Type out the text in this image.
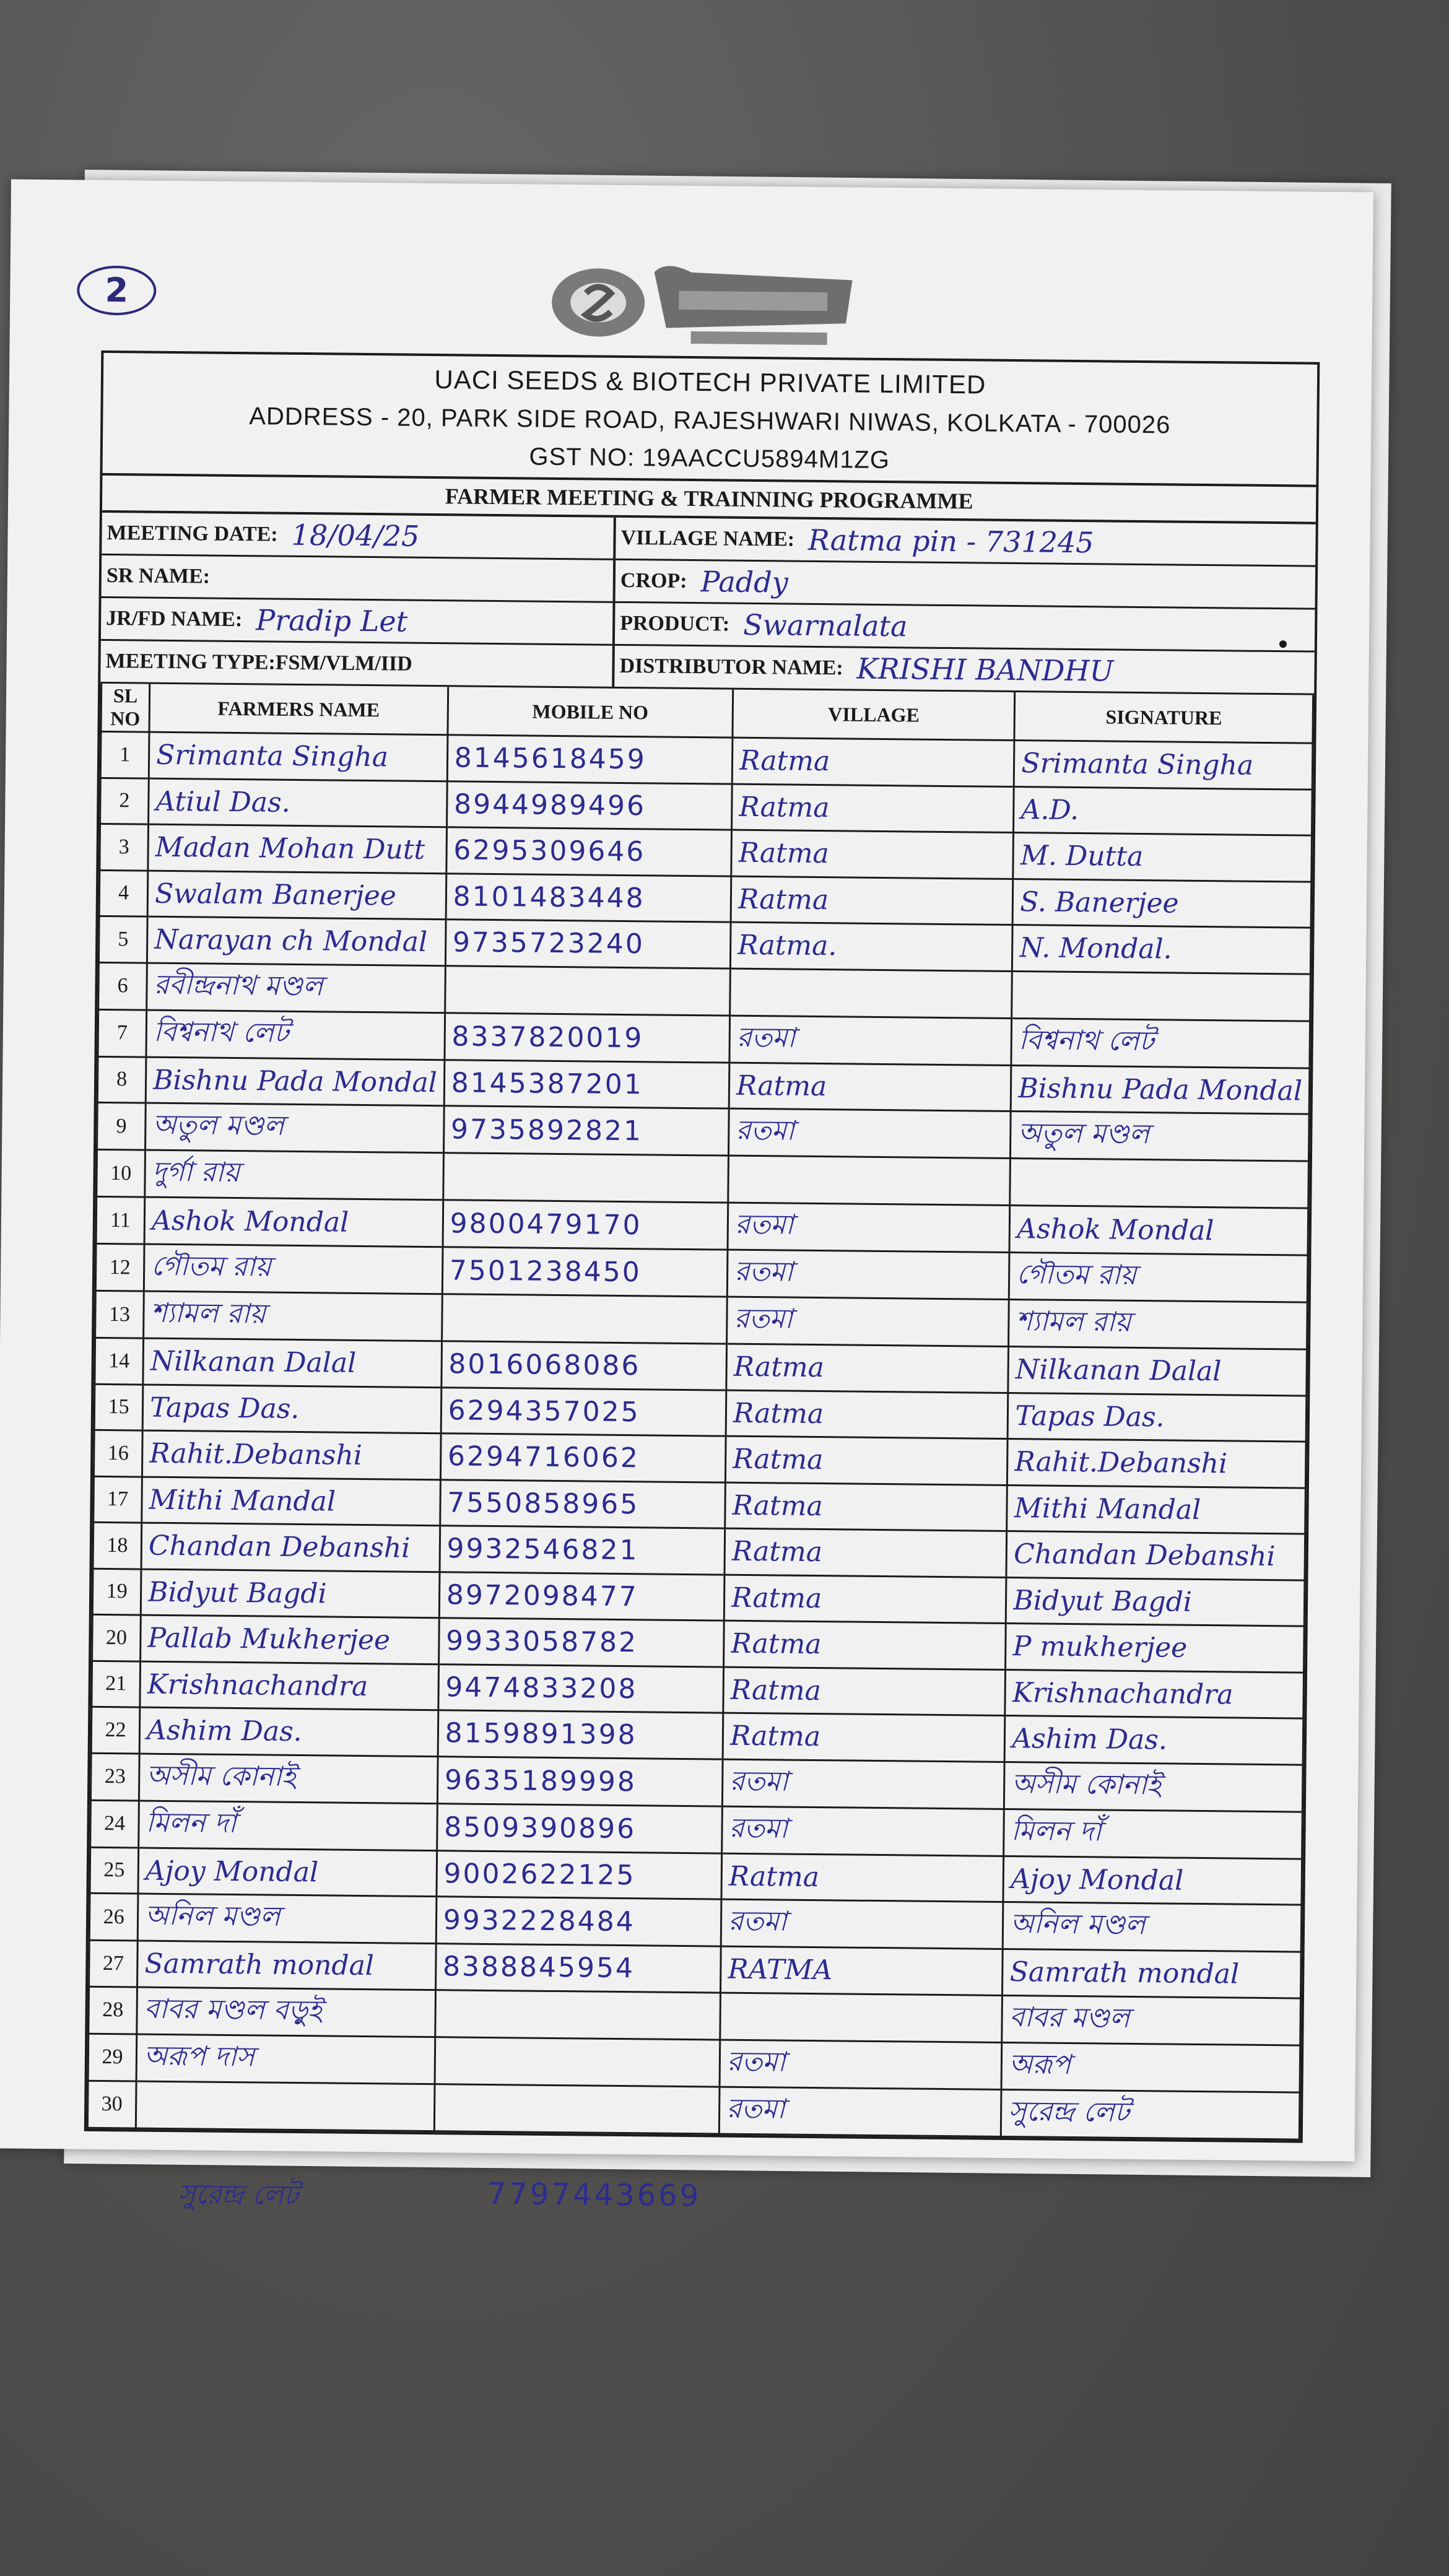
2
UACI SEEDS & BIOTECH PRIVATE LIMITED
ADDRESS - 20, PARK SIDE ROAD, RAJESHWARI NIWAS, KOLKATA - 700026
GST NO: 19AACCU5894M1ZG
FARMER MEETING & TRAINNING PROGRAMME
MEETING DATE: 18/04/25	VILLAGE NAME: Ratma pin - 731245
SR NAME:	CROP: Paddy
JR/FD NAME: Pradip Let	PRODUCT: Swarnalata
MEETING TYPE:FSM/VLM/IID	DISTRIBUTOR NAME: KRISHI BANDHU
SL NO	FARMERS NAME	MOBILE NO	VILLAGE	SIGNATURE
1	Srimanta Singha	8145618459	Ratma	Srimanta Singha
2	Atiul Das.	8944989496	Ratma	A.D.
3	Madan Mohan Dutt	6295309646	Ratma	M. Dutta
4	Swalam Banerjee	8101483448	Ratma	S. Banerjee
5	Narayan ch Mondal	9735723240	Ratma.	N. Mondal.
6	রবীন্দ্রনাথ মণ্ডল			
7	বিশ্বনাথ লেট	8337820019	রতমা	বিশ্বনাথ লেট
8	Bishnu Pada Mondal	8145387201	Ratma	Bishnu Pada Mondal
9	অতুল মণ্ডল	9735892821	রতমা	অতুল মণ্ডল
10	দুর্গা রায়			
11	Ashok Mondal	9800479170	রতমা	Ashok Mondal
12	গৌতম রায়	7501238450	রতমা	গৌতম রায়
13	শ্যামল রায়		রতমা	শ্যামল রায়
14	Nilkanan Dalal	8016068086	Ratma	Nilkanan Dalal
15	Tapas Das.	6294357025	Ratma	Tapas Das.
16	Rahit.Debanshi	6294716062	Ratma	Rahit.Debanshi
17	Mithi Mandal	7550858965	Ratma	Mithi Mandal
18	Chandan Debanshi	9932546821	Ratma	Chandan Debanshi
19	Bidyut Bagdi	8972098477	Ratma	Bidyut Bagdi
20	Pallab Mukherjee	9933058782	Ratma	P mukherjee
21	Krishnachandra	9474833208	Ratma	Krishnachandra
22	Ashim Das.	8159891398	Ratma	Ashim Das.
23	অসীম কোনাই	9635189998	রতমা	অসীম কোনাই
24	মিলন দাঁ	8509390896	রতমা	মিলন দাঁ
25	Ajoy Mondal	9002622125	Ratma	Ajoy Mondal
26	অনিল মণ্ডল	9932228484	রতমা	অনিল মণ্ডল
27	Samrath mondal	8388845954	RATMA	Samrath mondal
28	বাবর মণ্ডল বড়ুই			বাবর মণ্ডল
29	অরূপ দাস		রতমা	অরূপ
30			রতমা	সুরেন্দ্র লেট
সুরেন্দ্র লেট	7797443669
